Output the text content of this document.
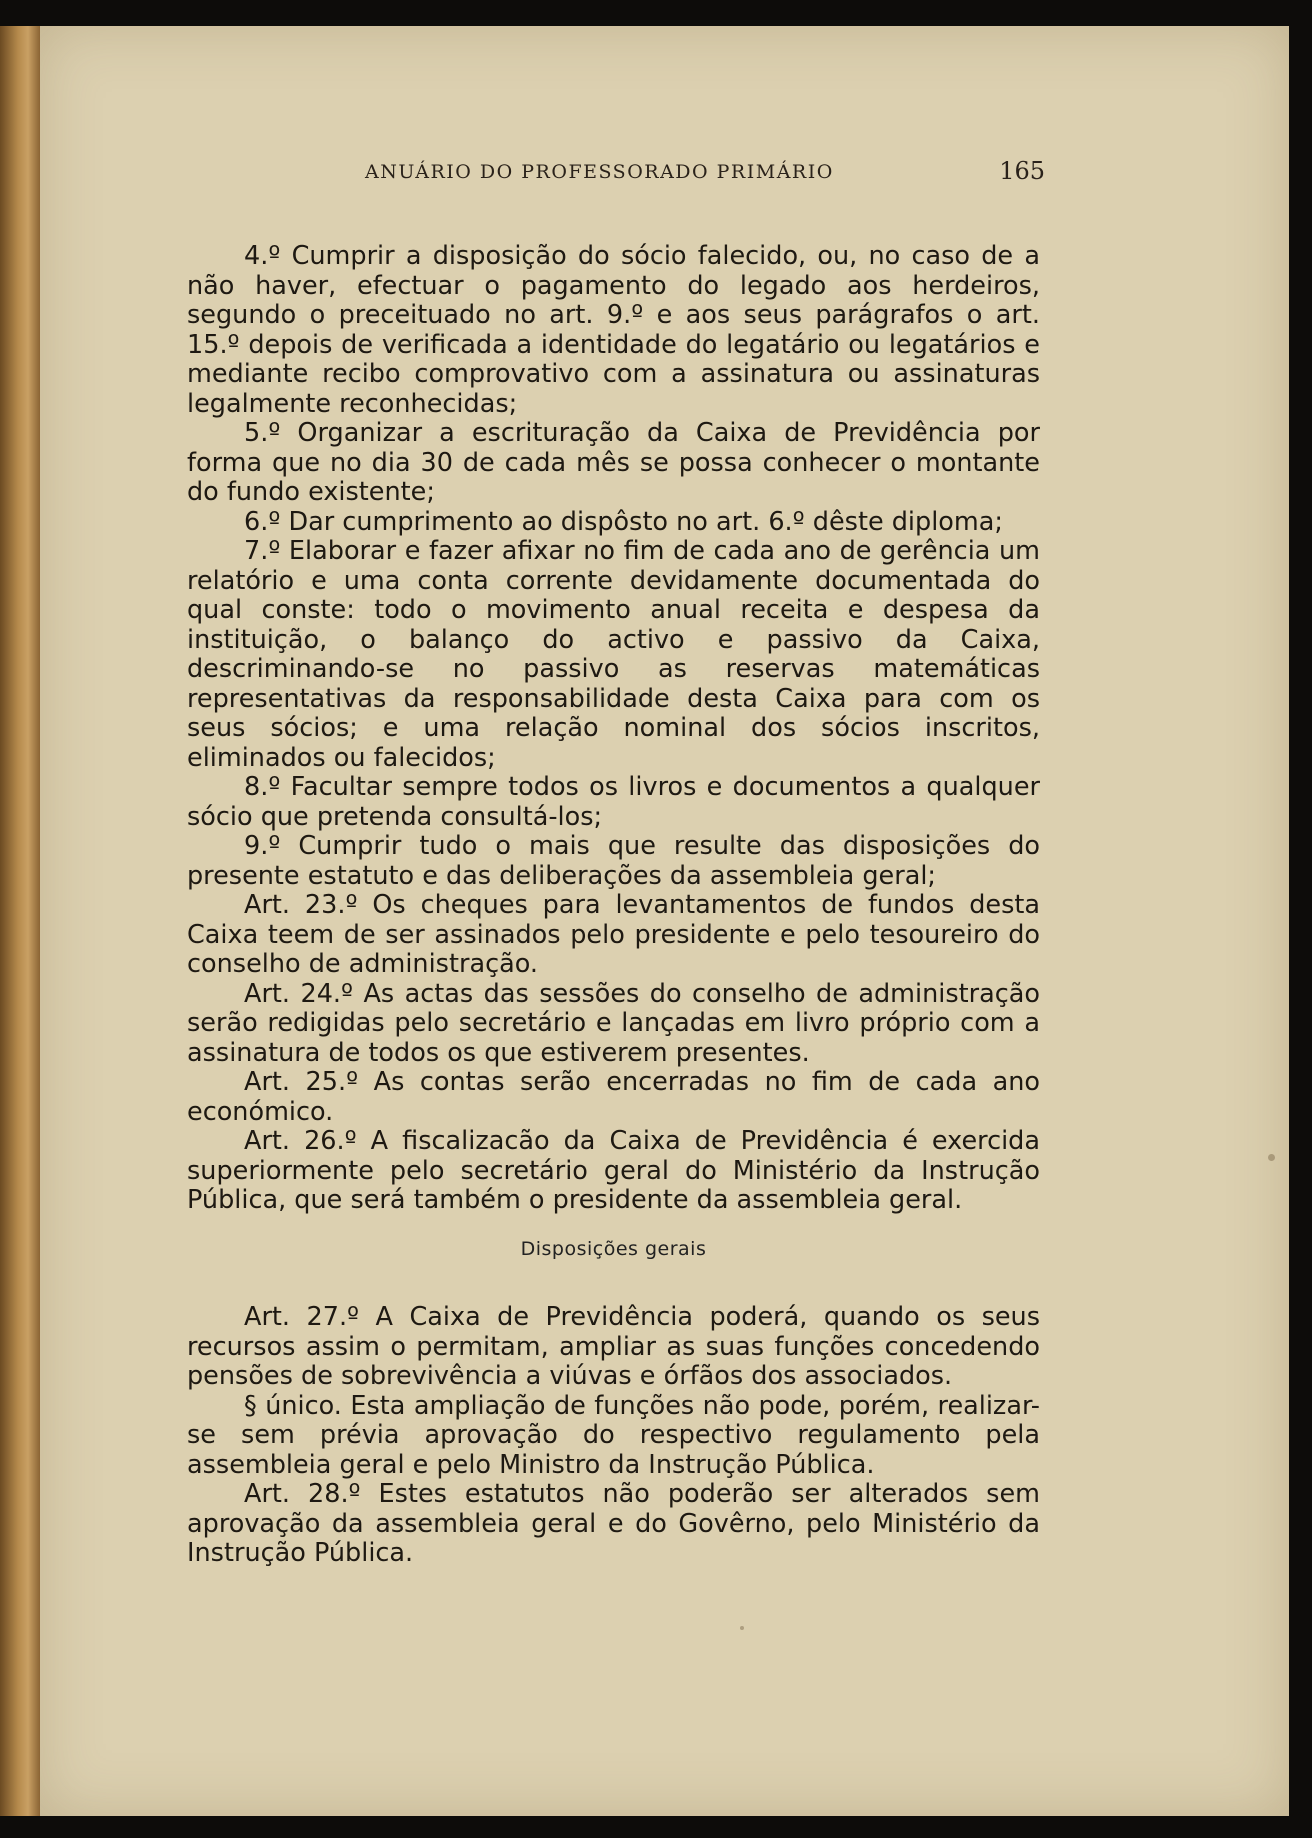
ANUÁRIO DO PROFESSORADO PRIMÁRIO	165

4.º Cumprir a disposição do sócio falecido, ou, no caso de a não haver, efectuar o pagamento do legado aos herdeiros, segundo o preceituado no art. 9.º e aos seus parágrafos o art. 15.º depois de verificada a identidade do legatário ou legatários e mediante recibo comprovativo com a assinatura ou assinaturas legalmente reconhecidas;

5.º Organizar a escrituração da Caixa de Previdência por forma que no dia 30 de cada mês se possa conhecer o montante do fundo existente;

6.º Dar cumprimento ao dispôsto no art. 6.º dêste diploma;

7.º Elaborar e fazer afixar no fim de cada ano de gerência um relatório e uma conta corrente devidamente documentada do qual conste: todo o movimento anual receita e despesa da instituição, o balanço do activo e passivo da Caixa, descriminando-se no passivo as reservas matemáticas representativas da responsabilidade desta Caixa para com os seus sócios; e uma relação nominal dos sócios inscritos, eliminados ou falecidos;

8.º Facultar sempre todos os livros e documentos a qualquer sócio que pretenda consultá-los;

9.º Cumprir tudo o mais que resulte das disposições do presente estatuto e das deliberações da assembleia geral;

Art. 23.º Os cheques para levantamentos de fundos desta Caixa teem de ser assinados pelo presidente e pelo tesoureiro do conselho de administração.

Art. 24.º As actas das sessões do conselho de administração serão redigidas pelo secretário e lançadas em livro próprio com a assinatura de todos os que estiverem presentes.

Art. 25.º As contas serão encerradas no fim de cada ano económico.

Art. 26.º A fiscalizacão da Caixa de Previdência é exercida superiormente pelo secretário geral do Ministério da Instrução Pública, que será também o presidente da assembleia geral.

Disposições gerais

Art. 27.º A Caixa de Previdência poderá, quando os seus recursos assim o permitam, ampliar as suas funções concedendo pensões de sobrevivência a viúvas e órfãos dos associados.

§ único. Esta ampliação de funções não pode, porém, realizar-se sem prévia aprovação do respectivo regulamento pela assembleia geral e pelo Ministro da Instrução Pública.

Art. 28.º Estes estatutos não poderão ser alterados sem aprovação da assembleia geral e do Govêrno, pelo Ministério da Instrução Pública.
